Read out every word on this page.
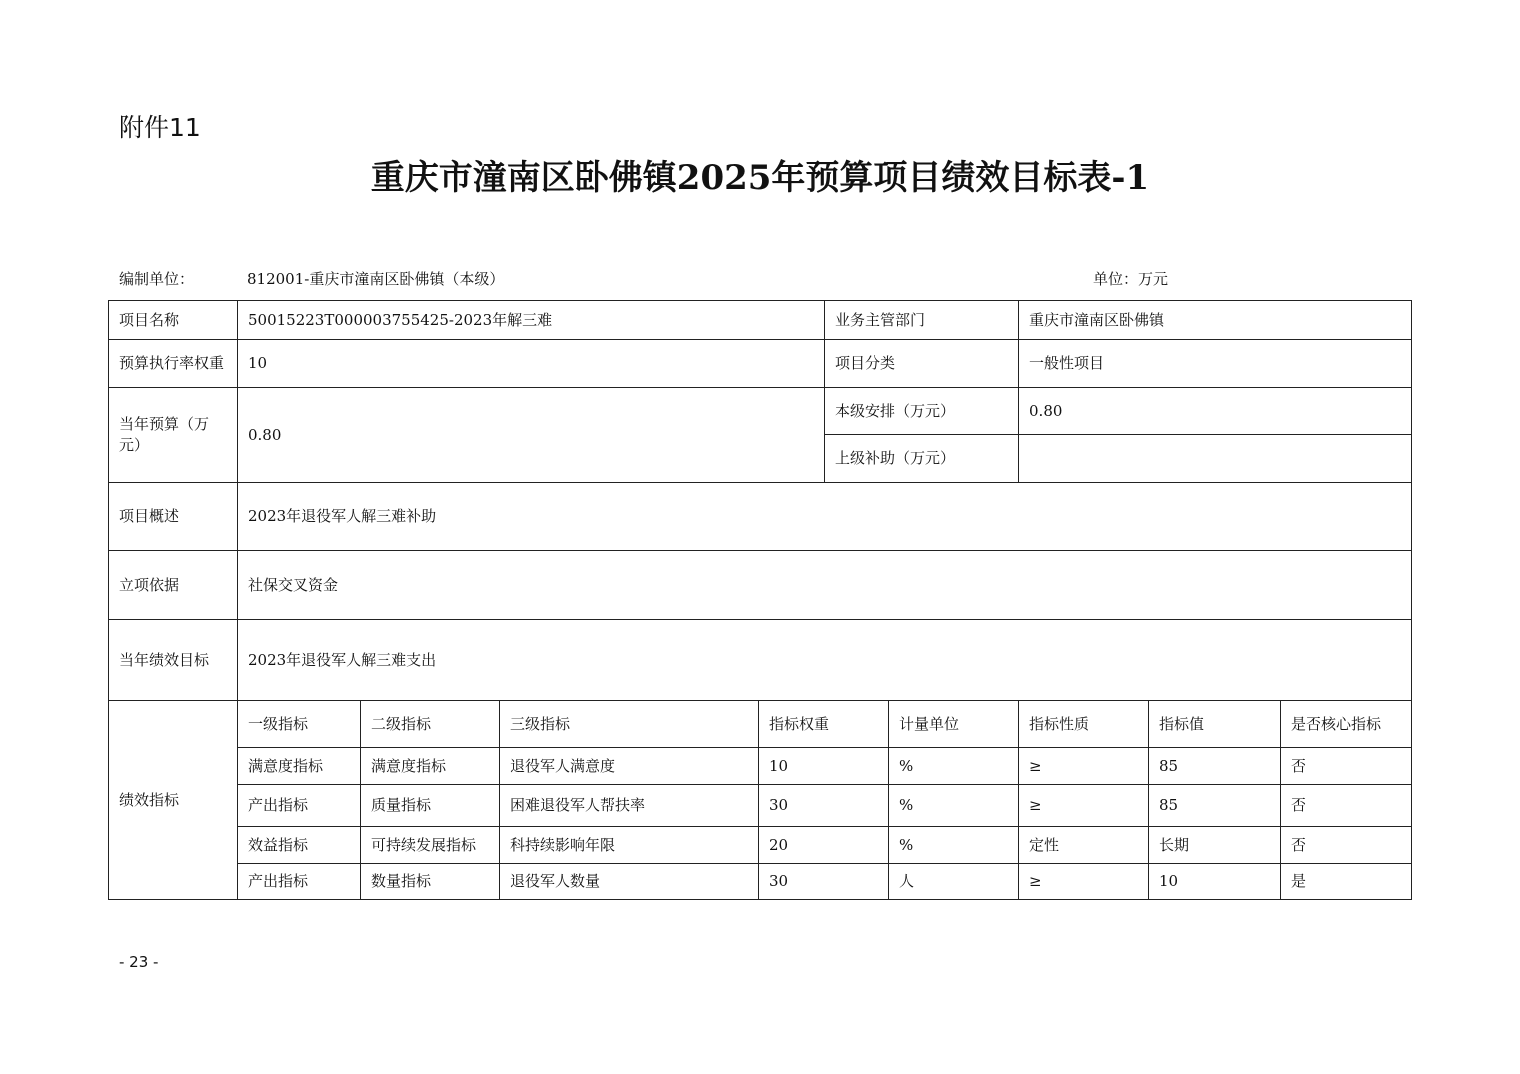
附件11
重庆市潼南区卧佛镇2025年预算项目绩效目标表-1
编制单位：	812001-重庆市潼南区卧佛镇（本级）	单位：万元
项目名称	50015223T000003755425-2023年解三难				业务主管部门		重庆市潼南区卧佛镇		
预算执行率权重	10				项目分类		一般性项目		
当年预算（万元）	0.80				本级安排（万元）		0.80		
					上级补助（万元）				
项目概述	2023年退役军人解三难补助								
立项依据	社保交叉资金								
当年绩效目标	2023年退役军人解三难支出								
绩效指标	一级指标	二级指标	三级指标	指标权重		计量单位	指标性质	指标值	是否核心指标
	满意度指标	满意度指标	退役军人满意度	10		%	≥	85	否
	产出指标	质量指标	困难退役军人帮扶率	30		%	≥	85	否
	效益指标	可持续发展指标	科持续影响年限	20		%	定性	长期	否
	产出指标	数量指标	退役军人数量	30		人	≥	10	是
- 23 -
